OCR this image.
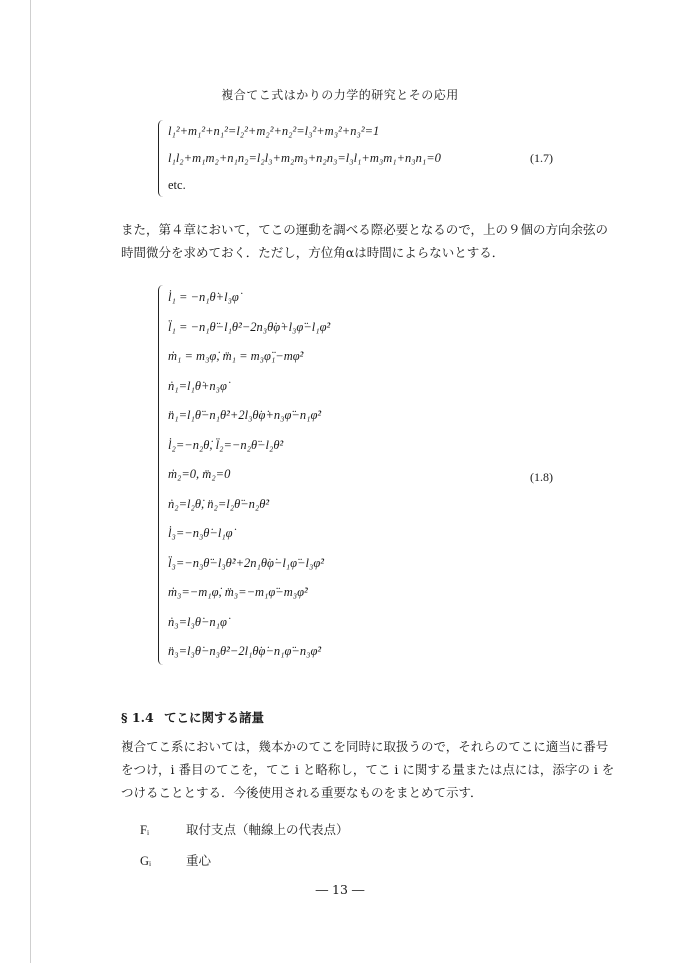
複合てこ式はかりの力学的研究とその応用
l₁²+m₁²+n₁²=l₂²+m₂²+n₂²=l₃²+m₃²+n₃²=1
l₁l₂+m₁m₂+n₁n₂=l₂l₃+m₂m₃+n₂n₃=l₃l₁+m₃m₁+n₃n₁=0
etc.
(1.7)

また，第４章において，てこの運動を調べる際必要となるので，上の９個の方向余弦の
時間微分を求めておく．ただし，方位角αは時間によらないとする．

l̇₁ = −n₁θ̇+l₃φ̇
l̈₁ = −n₁θ̈−l₁θ̇²−2n₃θ̇φ̇+l₃φ̈−l₁φ̇²
ṁ₁ = m₃φ̇, m̈₁ = m₃φ̈₁−mφ̇²
ṅ₁=l₁θ̇+n₃φ̇
n̈₁=l₁θ̈−n₁θ̇²+2l₃θ̇φ̇+n₃φ̈−n₁φ̇²
l̇₂=−n₂θ̇, l̈₂=−n₂θ̈−l₂θ̇²
ṁ₂=0, m̈₂=0
ṅ₂=l₂θ̇, n̈₂=l₂θ̈−n₂θ̇²
l̇₃=−n₃θ̇−l₁φ̇
l̈₃=−n₃θ̈−l₃θ̇²+2n₁θ̇φ̇−l₁φ̈−l₃φ̇²
ṁ₃=−m₁φ̇, m̈₃=−m₁φ̈−m₃φ̇²
ṅ₃=l₃θ̇−n₁φ̇
n̈₃=l₃θ̇−n₃θ̇²−2l₁θ̇φ̇−n₁φ̈−n₃φ̇²
(1.8)
§ 1.4 てこに関する諸量

複合てこ系においては，幾本かのてこを同時に取扱うので，それらのてこに適当に番号
をつけ，i 番目のてこを，てこ i と略称し，てこ i に関する量または点には，添字の i を
つけることとする．今後使用される重要なものをまとめて示す．

Fᵢ	取付支点（軸線上の代表点）
Gᵢ	重心
― 13 ―
